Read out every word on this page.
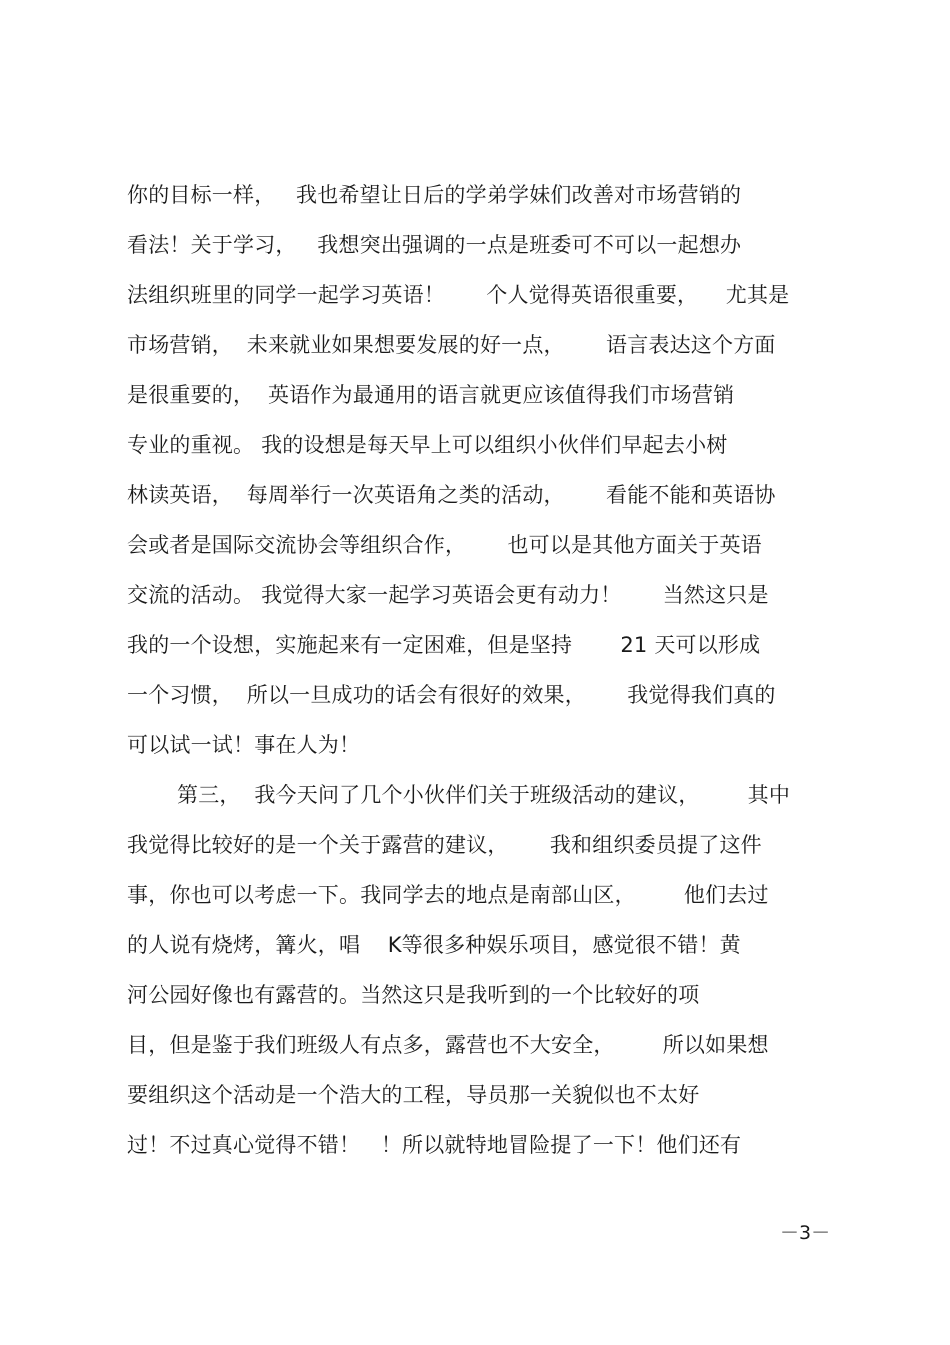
你的目标一样，   我也希望让日后的学弟学妹们改善对市场营销的
看法！关于学习，   我想突出强调的一点是班委可不可以一起想办
法组织班里的同学一起学习英语！      个人觉得英语很重要，    尤其是
市场营销，  未来就业如果想要发展的好一点，      语言表达这个方面
是很重要的，  英语作为最通用的语言就更应该值得我们市场营销
专业的重视。 我的设想是每天早上可以组织小伙伴们早起去小树
林读英语，  每周举行一次英语角之类的活动，      看能不能和英语协
会或者是国际交流协会等组织合作，      也可以是其他方面关于英语
交流的活动。 我觉得大家一起学习英语会更有动力！      当然这只是
我的一个设想，实施起来有一定困难，但是坚持       21 天可以形成
一个习惯，  所以一旦成功的话会有很好的效果，      我觉得我们真的
可以试一试！事在人为！
第三，  我今天问了几个小伙伴们关于班级活动的建议，       其中
我觉得比较好的是一个关于露营的建议，      我和组织委员提了这件
事，你也可以考虑一下。我同学去的地点是南部山区，       他们去过
的人说有烧烤，篝火，唱    K等很多种娱乐项目，感觉很不错！黄
河公园好像也有露营的。当然这只是我听到的一个比较好的项
目，但是鉴于我们班级人有点多，露营也不大安全，       所以如果想
要组织这个活动是一个浩大的工程，导员那一关貌似也不太好
过！不过真心觉得不错！   ！所以就特地冒险提了一下！他们还有
－3－
